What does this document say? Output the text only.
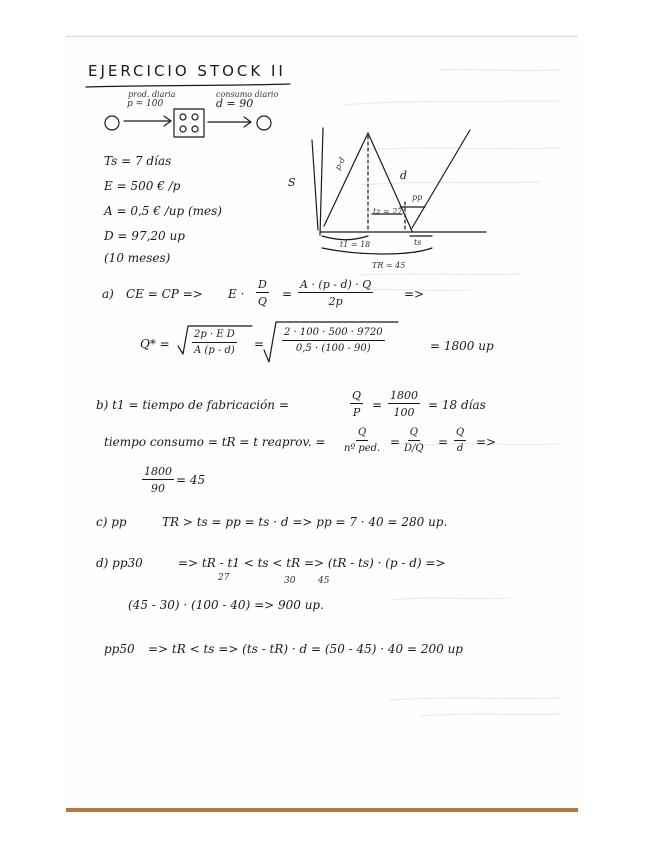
EJERCICIO STOCK II
prod. diaria
p = 100
consumo diario
d = 90
Ts = 7 días
E = 500 € /p
A = 0,5 € /up (mes)
D = 97,20 up
(10 meses)
S
p-d
d
pp
tz = 27
t1 = 18	ts
TR = 45
a) CE = CP => $E \cdot \frac{D}{Q} = \frac{A \cdot (p - d) \cdot Q}{2p}$	=>
$Q* = \frac{\text{2p · E D}}{A (p - d)} = \frac{2 \cdot 100 \cdot 500 \cdot 9720}{0,5 \cdot (100 - 90)}$	= 1800 up
b) t1 = tiempo de fabricación =	$\frac{Q}{P} = \frac{1800}{100} = 18$ días
tiempo consumo = tR = t reaprov. =
Q
nº ped. = $\frac{Q}{D/Q} = \frac{Q}{d}$ =>
$\frac{1800}{90} = 45$
c) pp	TR > ts = pp = ts · d => pp = 7 · 40 = 280 up.
d) pp30	=> tR - t1 < ts < tR => (tR - ts) · (p - d) =>
27	30	45
(45 - 30) · (100 - 40) => 900 up.
pp50 => tR < ts => (ts - tR) · d = (50 - 45) · 40 = 200 up
